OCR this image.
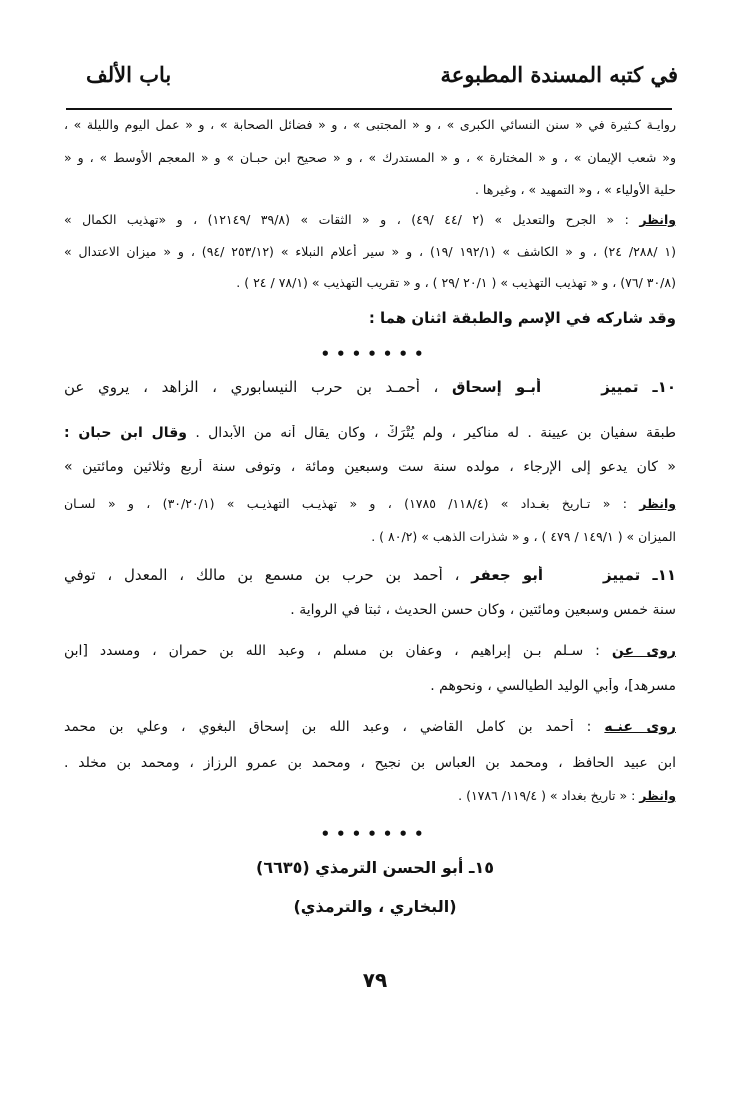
في كتبه المسندة المطبوعة
باب الألف
روايـة كـثيرة في « سنن النسائي الكبرى » ، و « المجتبى » ، و « فضائل الصحابة » ، و « عمل اليوم والليلة » ،
و« شعب الإيمان » ، و « المختارة » ، و « المستدرك » ، و « صحيح ابن حبـان » و « المعجم الأوسط » ، و «
حلية الأولياء » ، و« التمهيد » ، وغيرها .
وانظر : « الجرح والتعديل » (٢ /٤٤ /٤٩) ، و « الثقات » (٣٩/٨ /١٢١٤٩) ، و «تهذيب الكمال »
(١ /٢٨٨/ ٢٤) ، و « الكاشف » (١٩٢/١ /١٩) ، و « سير أعلام النبلاء » (٢٥٣/١٢ /٩٤) ، و « ميزان الاعتدال »
(٣٠/٨ /٧٦) ، و « تهذيب التهذيب » ( ٢٠/١ /٢٩ ) ، و « تقريب التهذيب » (٧٨/١ / ٢٤ ) .
وقد شاركه في الإسم والطبقة اثنان هما :
•••••••
١٠ـ تمييزأبـو إسحاق ، أحمـد بن حرب النيسابوري ، الزاهد ، يروي عن
طبقة سفيان بن عيينة . له مناكير ، ولم يُتْرَكْ ، وكان يقال أنه من الأبدال . وقال ابن حبان :
« كان يدعو إلى الإرجاء ، مولده سنة ست وسبعين ومائة ، وتوفى سنة أربع وثلاثين ومائتين »
وانظر : « تـاريخ بغـداد » (١١٨/٤/ ١٧٨٥) ، و « تهذيـب التهذيـب » (٣٠/٢٠/١) ، و « لسـان
الميزان » ( ١٤٩/١ / ٤٧٩ ) ، و « شذرات الذهب » (٨٠/٢ ) .
١١ـ تمييزأبو جعفر ، أحمد بن حرب بن مسمع بن مالك ، المعدل ، توفي
سنة خمس وسبعين ومائتين ، وكان حسن الحديث ، ثبتا في الرواية .
روى عن : سـلم بـن إبراهيم ، وعفان بن مسلم ، وعبد الله بن حمران ، ومسدد [ابن
مسرهد]، وأبي الوليد الطيالسي ، ونحوهم .
روى عنـه : أحمد بن كامل القاضي ، وعبد الله بن إسحاق البغوي ، وعلي بن محمد
ابن عبيد الحافظ ، ومحمد بن العباس بن نجيح ، ومحمد بن عمرو الرزاز ، ومحمد بن مخلد .
وانظر : « تاريخ بغداد » ( ١١٩/٤/ ١٧٨٦) .
•••••••
١٥ـ أبو الحسن الترمذي (٦٦٣٥)
(البخاري ، والترمذي)
٧٩
